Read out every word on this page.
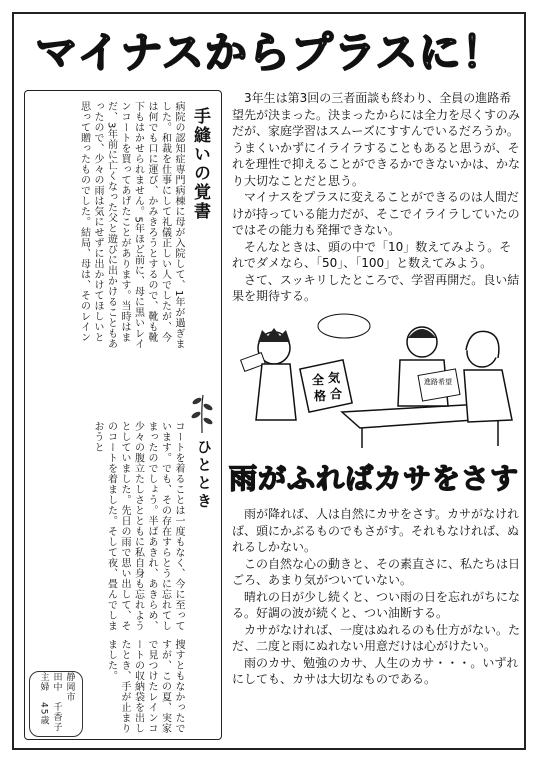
マイナスからプラスに！
手縫いの覚書
病院の認知症専門病棟に母が入院して、1年が過ぎました。和裁を仕事にして礼儀正しい人でしたが、今は何でも口に運び、かみきろうとするので、靴も靴下もはかせられません。5年ほど前に、母に黒いレインコートを買ってあげたことがあります。当時はまだ、3年前に亡くなった父と遊びに出かけることもあったので、少々の雨は気にせずに出かけてほしいと思って贈ったものでした。結局、母は、そのレイン
ひととき
コートを着ることは一度もなく、今に至っています。でも、その存在すらとうに忘れてしまったのでしょう。半ばあきれ、あきらめ、少々の腹立たしさとともに私自身も忘れようとしていました。先日の雨で思い出して、そのコートを着ました。そして夜、畳んでしまおうと
捜すともなかったですが、この夏、実家で見つけたレインコートの収納袋を出したとき、手が止まりました。
静岡市
田中　千香子
主婦　45歳

3年生は第3回の三者面談も終わり、全員の進路希望先が決まった。決まったからには全力を尽くすのみだが、家庭学習はスムーズにすすんでいるだろうか。うまくいかずにイライラすることもあると思うが、それを理性で抑えることができるかできないかは、かなり大切なことだと思う。

マイナスをプラスに変えることができるのは人間だけが持っている能力だが、そこでイライラしていたのではその能力も発揮できない。

そんなときは、頭の中で「10」数えてみよう。それでダメなら、「50」、「100」と数えてみよう。

さて、スッキリしたところで、学習再開だ。良い結果を期待する。

全 気
格 合
進路希望
雨がふればカサをさす

雨が降れば、人は自然にカサをさす。カサがなければ、頭にかぶるものでもさがす。それもなければ、ぬれるしかない。

この自然な心の動きと、その素直さに、私たちは日ごろ、あまり気がついていない。

晴れの日が少し続くと、つい雨の日を忘れがちになる。好調の波が続くと、つい油断する。

カサがなければ、一度はぬれるのも仕方がない。ただ、二度と雨にぬれない用意だけは心がけたい。

雨のカサ、勉強のカサ、人生のカサ・・・。いずれにしても、カサは大切なものである。
